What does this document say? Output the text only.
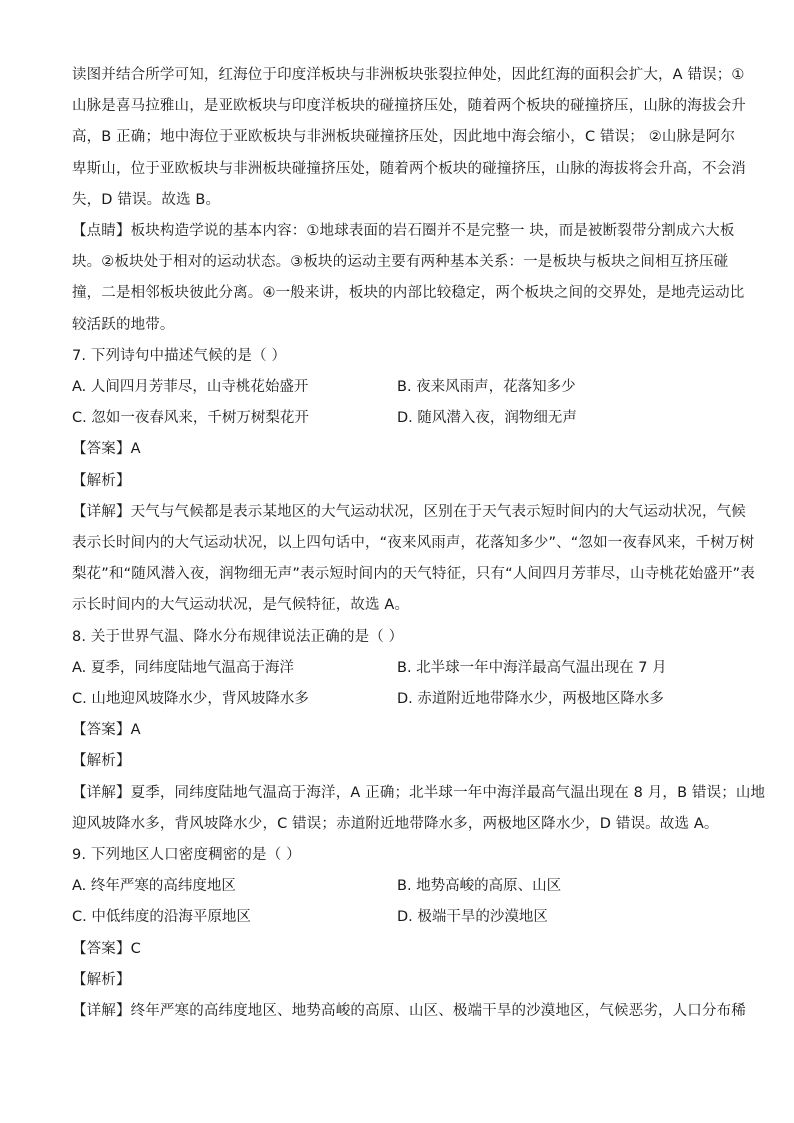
读图并结合所学可知，红海位于印度洋板块与非洲板块张裂拉伸处，因此红海的面积会扩大，A 错误；①
山脉是喜马拉雅山，是亚欧板块与印度洋板块的碰撞挤压处，随着两个板块的碰撞挤压，山脉的海拔会升
高，B 正确；地中海位于亚欧板块与非洲板块碰撞挤压处，因此地中海会缩小，C 错误； ②山脉是阿尔
卑斯山，位于亚欧板块与非洲板块碰撞挤压处，随着两个板块的碰撞挤压，山脉的海拔将会升高，不会消
失，D 错误。故选 B。
【点睛】板块构造学说的基本内容：①地球表面的岩石圈并不是完整一 块，而是被断裂带分割成六大板
块。②板块处于相对的运动状态。③板块的运动主要有两种基本关系：一是板块与板块之间相互挤压碰
撞，二是相邻板块彼此分离。④一般来讲，板块的内部比较稳定，两个板块之间的交界处，是地壳运动比
较活跃的地带。
7. 下列诗句中描述气候的是（ ）
A. 人间四月芳菲尽，山寺桃花始盛开	B. 夜来风雨声，花落知多少
C. 忽如一夜春风来，千树万树梨花开	D. 随风潜入夜，润物细无声
【答案】A
【解析】
【详解】天气与气候都是表示某地区的大气运动状况，区别在于天气表示短时间内的大气运动状况，气候
表示长时间内的大气运动状况，以上四句话中，“夜来风雨声，花落知多少”、“忽如一夜春风来，千树万树
梨花”和“随风潜入夜，润物细无声”表示短时间内的天气特征，只有“人间四月芳菲尽，山寺桃花始盛开”表
示长时间内的大气运动状况，是气候特征，故选 A。
8. 关于世界气温、降水分布规律说法正确的是（ ）
A. 夏季，同纬度陆地气温高于海洋	B. 北半球一年中海洋最高气温出现在 7 月
C. 山地迎风坡降水少，背风坡降水多	D. 赤道附近地带降水少，两极地区降水多
【答案】A
【解析】
【详解】夏季，同纬度陆地气温高于海洋，A 正确；北半球一年中海洋最高气温出现在 8 月，B 错误；山地
迎风坡降水多，背风坡降水少，C 错误；赤道附近地带降水多，两极地区降水少，D 错误。故选 A。
9. 下列地区人口密度稠密的是（ ）
A. 终年严寒的高纬度地区	B. 地势高峻的高原、山区
C. 中低纬度的沿海平原地区	D. 极端干旱的沙漠地区
【答案】C
【解析】
【详解】终年严寒的高纬度地区、地势高峻的高原、山区、极端干旱的沙漠地区，气候恶劣，人口分布稀
